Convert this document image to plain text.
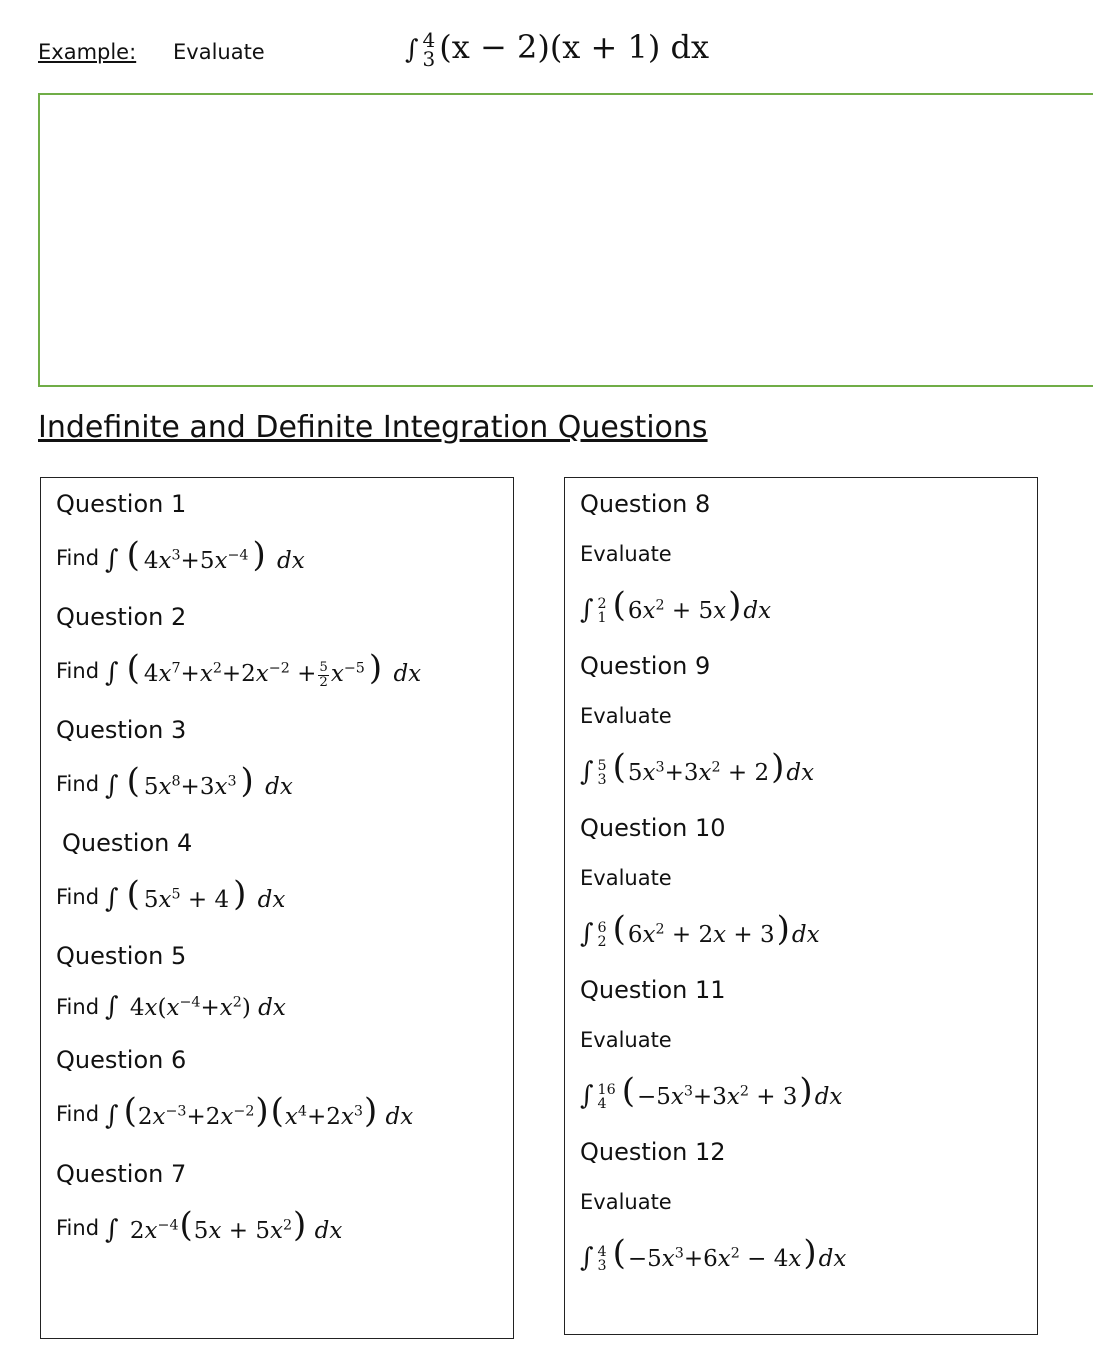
Example: Evaluate	∫ 4
3 (x − 2)(x + 1) dx
Indefinite and Definite Integration Questions
Question 1
Find ∫ ( $4x^3+5x^{-4}$ ) dx
Question 2
Find ∫ ( $4x^7+x^2+2x^{-2} + \frac{5}{2} x^{-5}$ ) dx
Question 3
Find ∫ ( $5x^8+3x^3$ ) dx
Question 4
Find ∫ ( $5x^5 + 4$ ) dx
Question 5
Find ∫ $4x(x^{-4}+x^2)$ dx
Question 6
Find ∫ $(2x^{-3}+2x^{-2})(x^4+2x^3)$ dx
Question 7
Find ∫ $2x^{-4}(5x + 5x^2)$ dx
Question 8
Evaluate
∫ 2
1 $(6x^2 + 5x)dx$
Question 9
Evaluate
∫ 5
3 $(5x^3+3x^2 + 2)dx$
Question 10
Evaluate
∫ 6
2 $(6x^2 + 2x + 3)dx$
Question 11
Evaluate
∫ 16
4 $(-5x^3+3x^2 + 3)dx$
Question 12
Evaluate
∫ 4
3 $(-5x^3+6x^2 - 4x)dx$
